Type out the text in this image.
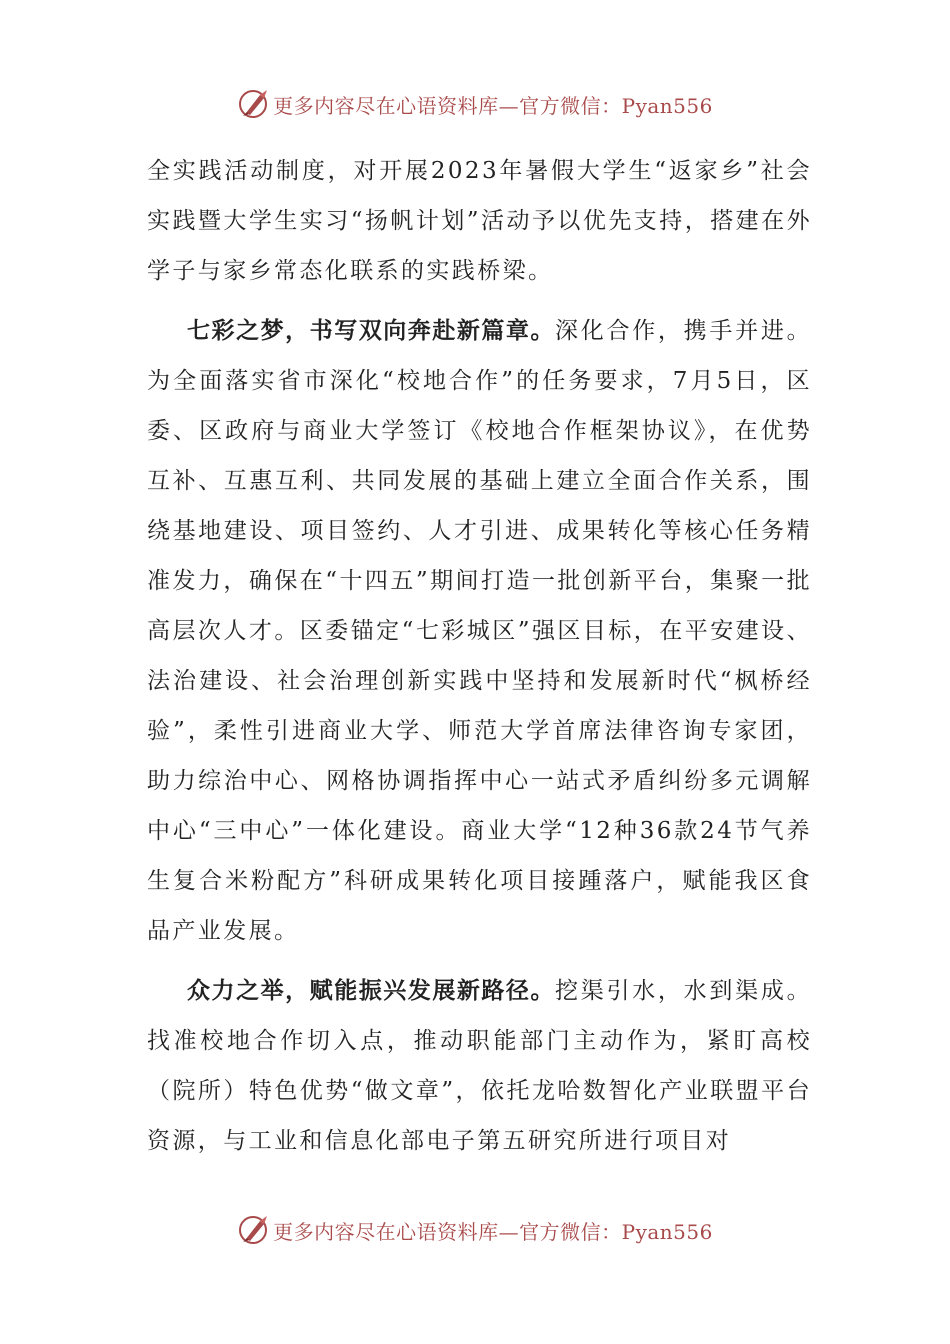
更多内容尽在心语资料库—官方微信：Pyan556

全实践活动制度，对开展2023年暑假大学生“返家乡”社会实践暨大学生实习“扬帆计划”活动予以优先支持，搭建在外学子与家乡常态化联系的实践桥梁。

七彩之梦，书写双向奔赴新篇章。深化合作，携手并进。为全面落实省市深化“校地合作”的任务要求，7月5日，区委、区政府与商业大学签订《校地合作框架协议》，在优势互补、互惠互利、共同发展的基础上建立全面合作关系，围绕基地建设、项目签约、人才引进、成果转化等核心任务精准发力，确保在“十四五”期间打造一批创新平台，集聚一批高层次人才。区委锚定“七彩城区”强区目标，在平安建设、法治建设、社会治理创新实践中坚持和发展新时代“枫桥经验”，柔性引进商业大学、师范大学首席法律咨询专家团，助力综治中心、网格协调指挥中心一站式矛盾纠纷多元调解中心“三中心”一体化建设。商业大学“12种36款24节气养生复合米粉配方”科研成果转化项目接踵落户，赋能我区食品产业发展。

众力之举，赋能振兴发展新路径。挖渠引水，水到渠成。找准校地合作切入点，推动职能部门主动作为，紧盯高校（院所）特色优势“做文章”，依托龙哈数智化产业联盟平台资源，与工业和信息化部电子第五研究所进行项目对

更多内容尽在心语资料库—官方微信：Pyan556
